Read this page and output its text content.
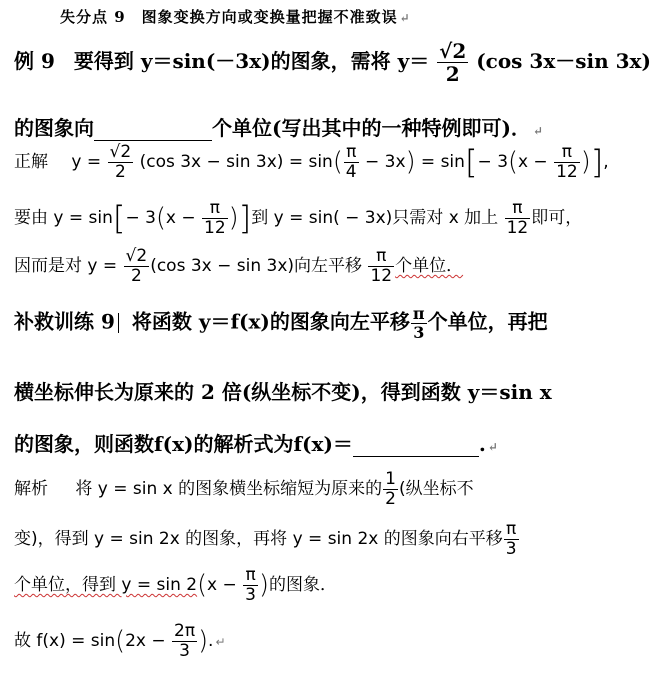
失分点 9　图象变换方向或变换量把握不准致误 ↵
例 9 要得到 y＝sin(－3x)的图象，需将 $y= \frac{√2}{2} (\cos$ 3x－sin 3x)
的图象向	个单位(写出其中的一种特例即可)． ↵
正解 $y = \frac{√2}{2} (\cos$ $3x - \sin 3x) = \sin( \frac{\pi}{4} - 3x) = \sin[- 3(x - \frac{\pi}{12}$ )],
要由 $y = \sin[- 3(x - \frac{\pi}{12}$ )]到 y = sin( − 3x)只需对 x 加上 $\frac{\pi}{12}$ 即可，
因而是对 $y = \frac{√2}{2} (\cos$ 3x − sin 3x)向左平移 $\frac{\pi}{12}$ 个单位．
补救训练 9 将函数 y＝f(x)的图象向左平移 $\frac{\pi}{3}$ 个单位，再把
横坐标伸长为原来的 2 倍(纵坐标不变)，得到函数 y＝sin x
的图象，则函数f(x)的解析式为f(x)＝	. ↵
解析 将 y = sin x 的图象横坐标缩短为原来的 $\frac{1}{2}$ (纵坐标不
变)，得到 y = sin 2x 的图象，再将 y = sin 2x 的图象向右平移 $\frac{\pi}{3}$
个单位，得到 $y = \sin 2(x - \frac{\pi}{3}$ )的图象．
故 $f(x) = \sin(2x - \frac{2\pi}{3}$ ). ↵
